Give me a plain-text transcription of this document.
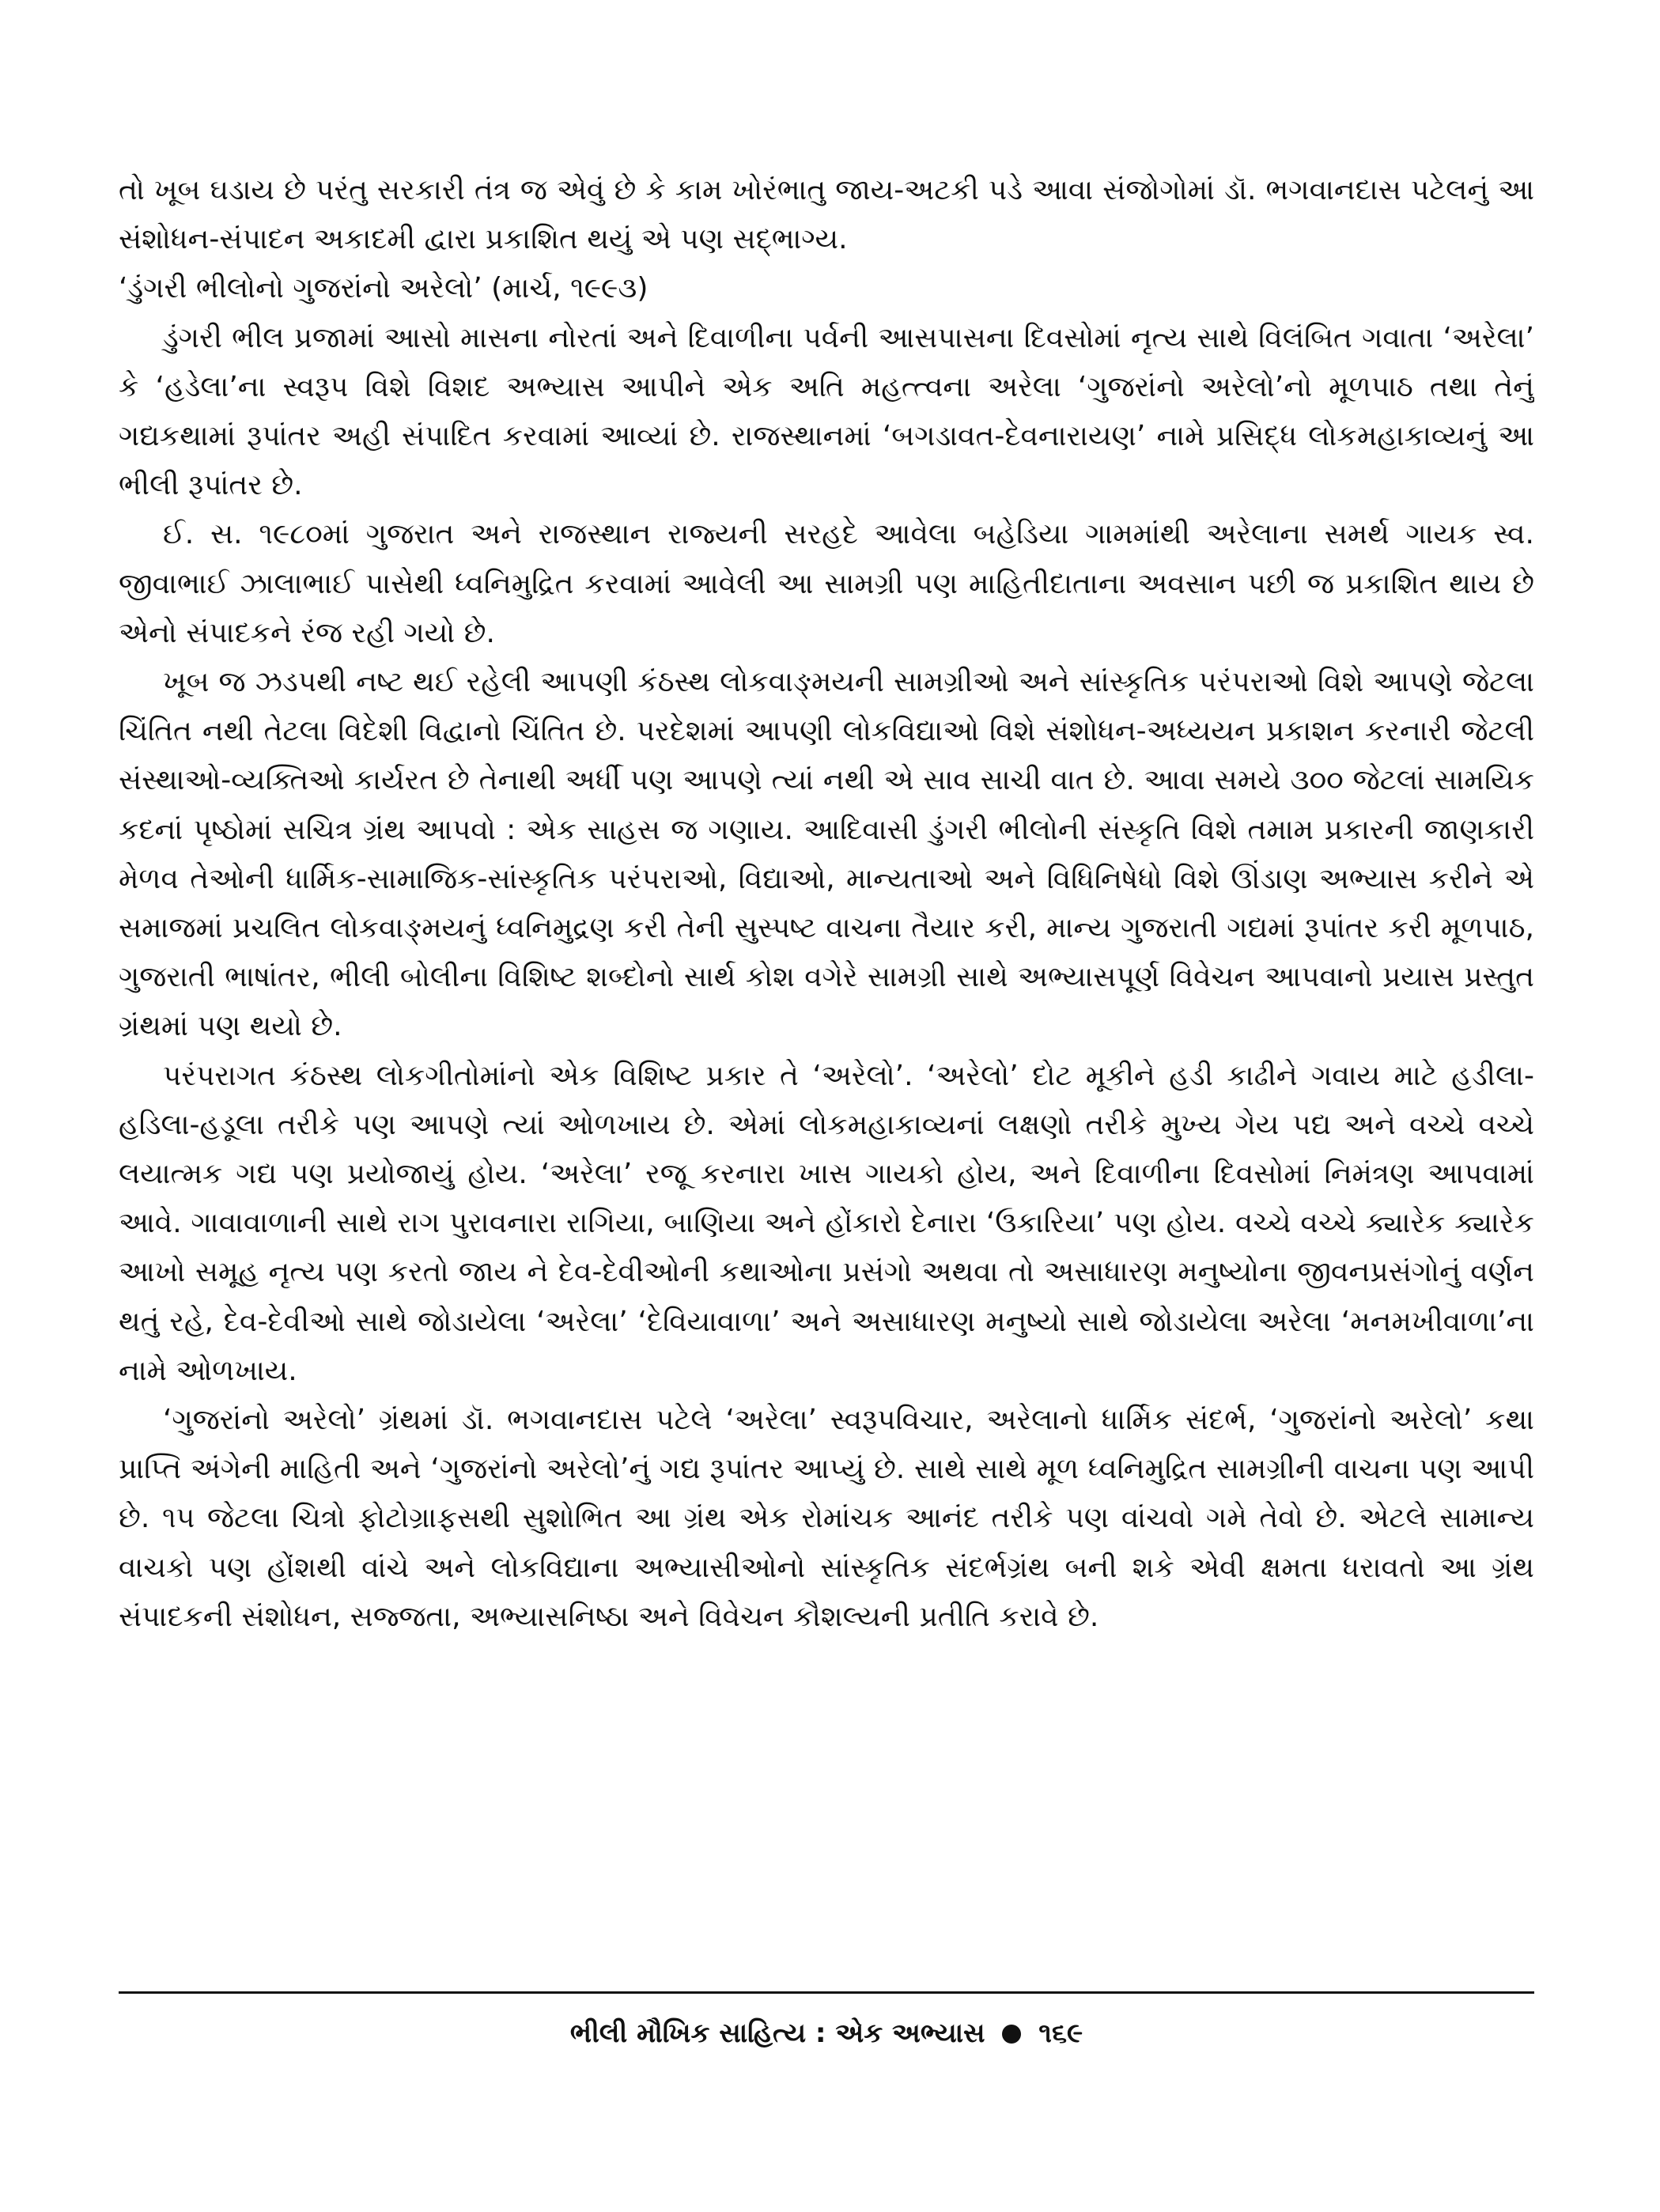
તો ખૂબ ઘડાય છે પરંતુ સરકારી તંત્ર જ એવું છે કે કામ ખોરંભાતુ જાય-અટકી પડે આવા સંજોગોમાં ડૉ. ભગવાનદાસ પટેલનું આ સંશોધન-સંપાદન અકાદમી દ્વારા પ્રકાશિત થયું એ પણ સદ્ભાગ્ય.

‘ડુંગરી ભીલોનો ગુજરાંનો અરેલો’ (માર્ચ, ૧૯૯૩)

ડુંગરી ભીલ પ્રજામાં આસો માસના નોરતાં અને દિવાળીના પર્વની આસપાસના દિવસોમાં નૃત્ય સાથે વિલંબિત ગવાતા ‘અરેલા’ કે ‘હડેલા’ના સ્વરૂપ વિશે વિશદ અભ્યાસ આપીને એક અતિ મહત્ત્વના અરેલા ‘ગુજરાંનો અરેલો’નો મૂળપાઠ તથા તેનું ગદ્યકથામાં રૂપાંતર અહી સંપાદિત કરવામાં આવ્યાં છે. રાજસ્થાનમાં ‘બગડાવત-દેવનારાયણ’ નામે પ્રસિદ્ધ લોકમહાકાવ્યનું આ ભીલી રૂપાંતર છે.

ઈ. સ. ૧૯૮૦માં ગુજરાત અને રાજસ્થાન રાજ્યની સરહદે આવેલા બહેડિયા ગામમાંથી અરેલાના સમર્થ ગાયક સ્વ. જીવાભાઈ ઝાલાભાઈ પાસેથી ધ્વનિમુદ્રિત કરવામાં આવેલી આ સામગ્રી પણ માહિતીદાતાના અવસાન પછી જ પ્રકાશિત થાય છે એનો સંપાદકને રંજ રહી ગયો છે.

ખૂબ જ ઝડપથી નષ્ટ થઈ રહેલી આપણી કંઠસ્થ લોકવાઙ્મયની સામગ્રીઓ અને સાંસ્કૃતિક પરંપરાઓ વિશે આપણે જેટલા ચિંતિત નથી તેટલા વિદેશી વિદ્વાનો ચિંતિત છે. પરદેશમાં આપણી લોકવિદ્યાઓ વિશે સંશોધન-અધ્યયન પ્રકાશન કરનારી જેટલી સંસ્થાઓ-વ્યક્તિઓ કાર્યરત છે તેનાથી અર્ધી પણ આપણે ત્યાં નથી એ સાવ સાચી વાત છે. આવા સમયે ૩૦૦ જેટલાં સામયિક કદનાં પૃષ્ઠોમાં સચિત્ર ગ્રંથ આપવો : એક સાહસ જ ગણાય. આદિવાસી ડુંગરી ભીલોની સંસ્કૃતિ વિશે તમામ પ્રકારની જાણકારી મેળવ તેઓની ધાર્મિક-સામાજિક-સાંસ્કૃતિક પરંપરાઓ, વિદ્યાઓ, માન્યતાઓ અને વિધિનિષેધો વિશે ઊંડાણ અભ્યાસ કરીને એ સમાજમાં પ્રચલિત લોકવાઙ્મયનું ધ્વનિમુદ્રણ કરી તેની સુસ્પષ્ટ વાચના તૈયાર કરી, માન્ય ગુજરાતી ગદ્યમાં રૂપાંતર કરી મૂળપાઠ, ગુજરાતી ભાષાંતર, ભીલી બોલીના વિશિષ્ટ શબ્દોનો સાર્થ કોશ વગેરે સામગ્રી સાથે અભ્યાસપૂર્ણ વિવેચન આપવાનો પ્રયાસ પ્રસ્તુત ગ્રંથમાં પણ થયો છે.

પરંપરાગત કંઠસ્થ લોકગીતોમાંનો એક વિશિષ્ટ પ્રકાર તે ‘અરેલો’. ‘અરેલો’ દોટ મૂકીને હડી કાઢીને ગવાય માટે હડીલા-હડિલા-હડૂલા તરીકે પણ આપણે ત્યાં ઓળખાય છે. એમાં લોકમહાકાવ્યનાં લક્ષણો તરીકે મુખ્ય ગેય પદ્ય અને વચ્ચે વચ્ચે લયાત્મક ગદ્ય પણ પ્રયોજાયું હોય. ‘અરેલા’ રજૂ કરનારા ખાસ ગાયકો હોય, અને દિવાળીના દિવસોમાં નિમંત્રણ આપવામાં આવે. ગાવાવાળાની સાથે રાગ પુરાવનારા રાગિયા, બાણિયા અને હોંકારો દેનારા ‘ઉકારિયા’ પણ હોય. વચ્ચે વચ્ચે ક્યારેક ક્યારેક આખો સમૂહ નૃત્ય પણ કરતો જાય ને દેવ-દેવીઓની કથાઓના પ્રસંગો અથવા તો અસાધારણ મનુષ્યોના જીવનપ્રસંગોનું વર્ણન થતું રહે, દેવ-દેવીઓ સાથે જોડાયેલા ‘અરેલા’ ‘દેવિયાવાળા’ અને અસાધારણ મનુષ્યો સાથે જોડાયેલા અરેલા ‘મનમખીવાળા’ના નામે ઓળખાય.

‘ગુજરાંનો અરેલો’ ગ્રંથમાં ડૉ. ભગવાનદાસ પટેલે ‘અરેલા’ સ્વરૂપવિચાર, અરેલાનો ધાર્મિક સંદર્ભ, ‘ગુજરાંનો અરેલો’ કથા પ્રાપ્તિ અંગેની માહિતી અને ‘ગુજરાંનો અરેલો’નું ગદ્ય રૂપાંતર આપ્યું છે. સાથે સાથે મૂળ ધ્વનિમુદ્રિત સામગ્રીની વાચના પણ આપી છે. ૧૫ જેટલા ચિત્રો ફોટોગ્રાફસથી સુશોભિત આ ગ્રંથ એક રોમાંચક આનંદ તરીકે પણ વાંચવો ગમે તેવો છે. એટલે સામાન્ય વાચકો પણ હોંશથી વાંચે અને લોકવિદ્યાના અભ્યાસીઓનો સાંસ્કૃતિક સંદર્ભગ્રંથ બની શકે એવી ક્ષમતા ધરાવતો આ ગ્રંથ સંપાદકની સંશોધન, સજ્જતા, અભ્યાસનિષ્ઠા અને વિવેચન કૌશલ્યની પ્રતીતિ કરાવે છે.

ભીલી મૌખિક સાહિત્ય : એક અભ્યાસ ૧૬૯
